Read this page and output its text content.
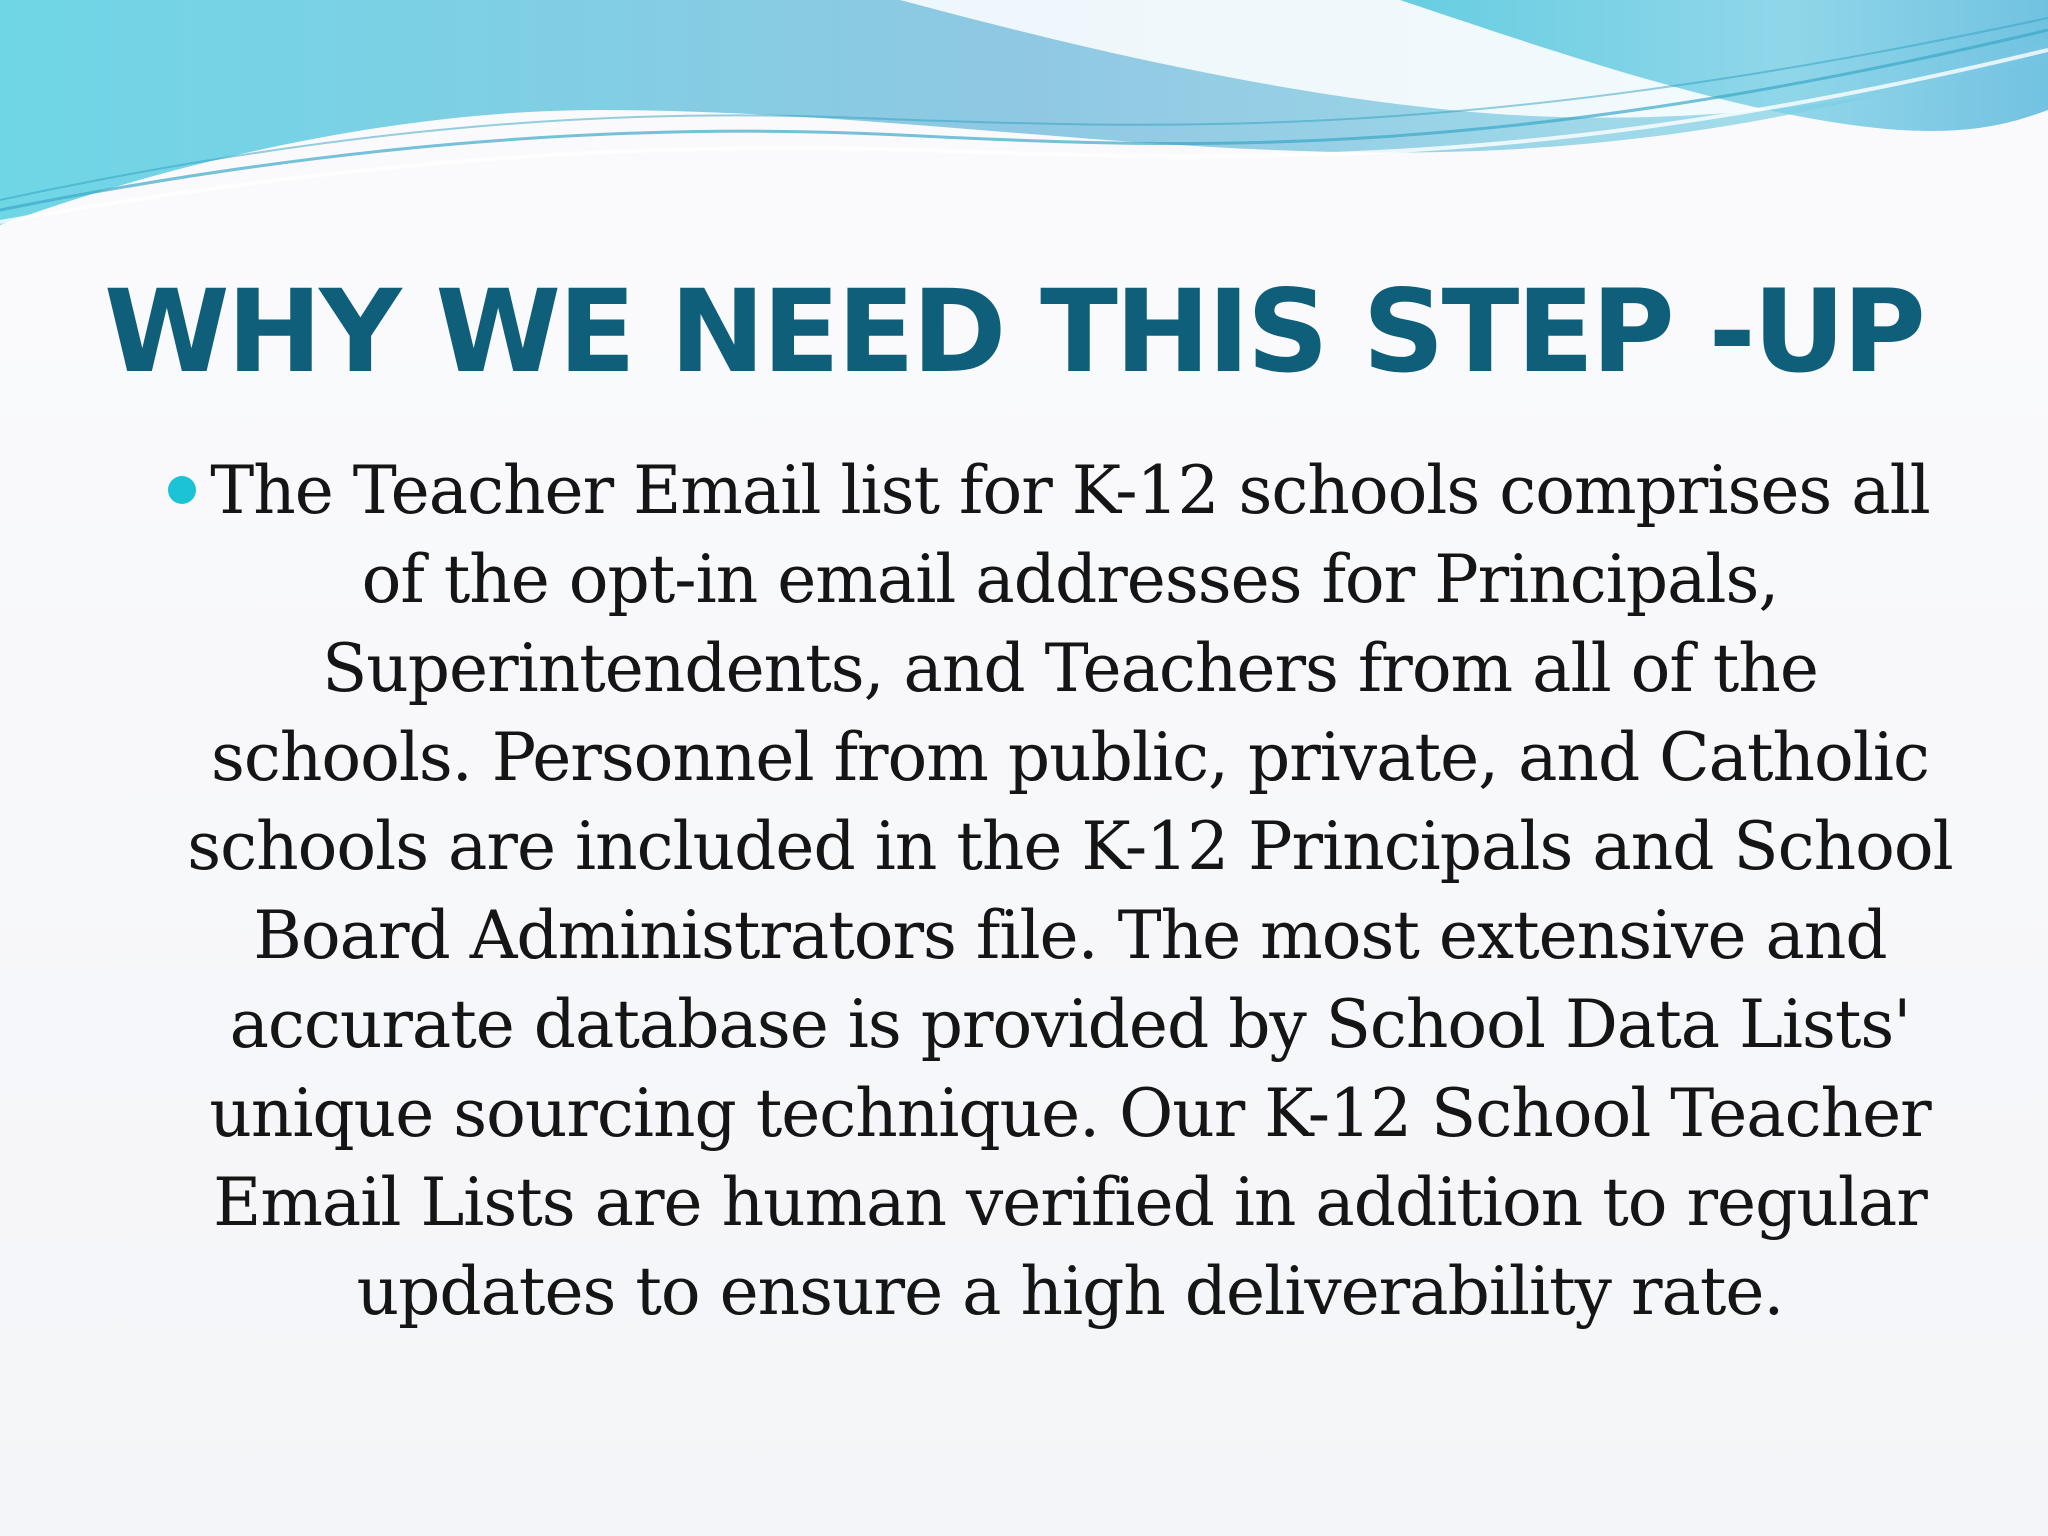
WHY WE NEED THIS STEP -UP

The Teacher Email list for K-12 schools comprises all of the opt-in email addresses for Principals, Superintendents, and Teachers from all of the schools. Personnel from public, private, and Catholic schools are included in the K-12 Principals and School Board Administrators file. The most extensive and accurate database is provided by School Data Lists' unique sourcing technique. Our K-12 School Teacher Email Lists are human verified in addition to regular updates to ensure a high deliverability rate.
